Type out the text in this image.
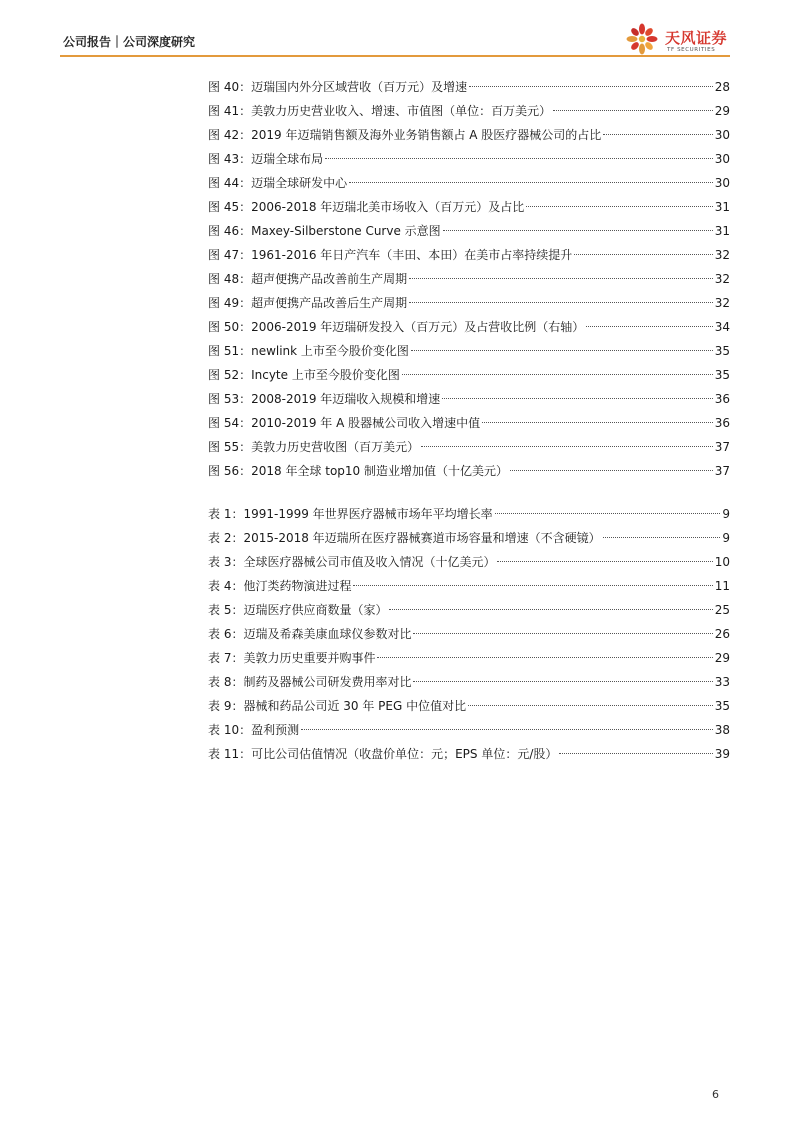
公司报告｜公司深度研究	天风证券
TF SECURITIES
图 40：迈瑞国内外分区域营收（百万元）及增速	28
图 41：美敦力历史营业收入、增速、市值图（单位：百万美元）	29
图 42：2019 年迈瑞销售额及海外业务销售额占 A 股医疗器械公司的占比	30
图 43：迈瑞全球布局	30
图 44：迈瑞全球研发中心	30
图 45：2006-2018 年迈瑞北美市场收入（百万元）及占比	31
图 46：Maxey-Silberstone Curve 示意图	31
图 47：1961-2016 年日产汽车（丰田、本田）在美市占率持续提升	32
图 48：超声便携产品改善前生产周期	32
图 49：超声便携产品改善后生产周期	32
图 50：2006-2019 年迈瑞研发投入（百万元）及占营收比例（右轴）	34
图 51：newlink 上市至今股价变化图	35
图 52：Incyte 上市至今股价变化图	35
图 53：2008-2019 年迈瑞收入规模和增速	36
图 54：2010-2019 年 A 股器械公司收入增速中值	36
图 55：美敦力历史营收图（百万美元）	37
图 56：2018 年全球 top10 制造业增加值（十亿美元）	37
表 1：1991-1999 年世界医疗器械市场年平均增长率	9
表 2：2015-2018 年迈瑞所在医疗器械赛道市场容量和增速（不含硬镜）	9
表 3：全球医疗器械公司市值及收入情况（十亿美元）	10
表 4：他汀类药物演进过程	11
表 5：迈瑞医疗供应商数量（家）	25
表 6：迈瑞及希森美康血球仪参数对比	26
表 7：美敦力历史重要并购事件	29
表 8：制药及器械公司研发费用率对比	33
表 9：器械和药品公司近 30 年 PEG 中位值对比	35
表 10：盈利预测	38
表 11：可比公司估值情况（收盘价单位：元；EPS 单位：元/股）	39
6
